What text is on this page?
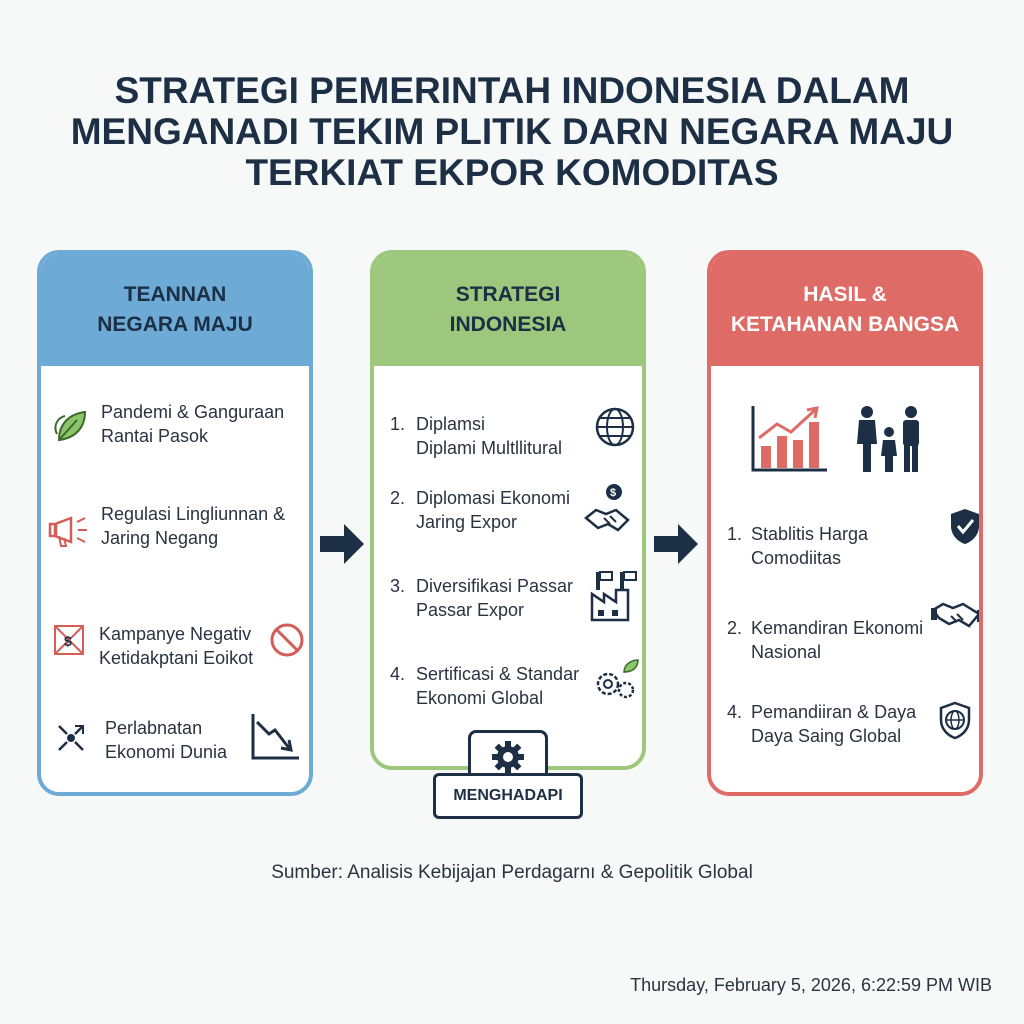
STRATEGI PEMERINTAH INDONESIA DALAM
MENGANADI TEKIM PLITIK DARN NEGARA MAJU
TERKIAT EKPOR KOMODITAS
TEANNAN
NEGARA MAJU
Pandemi & Ganguraan
Rantai Pasok
Regulasi Lingliunnan &
Jaring Negang
$ Kampanye Negativ
Ketidakptani Eoikot
Perlabnatan
Ekonomi Dunia
STRATEGI
INDONESIA
1. Diplamsi
Diplami Multllitural
2. Diplomasi Ekonomi
Jaring Expor
$
3. Diversifikasi Passar
Passar Expor
4. Sertificasi & Standar
Ekonomi Global
MENGHADAPI
HASIL &
KETAHANAN BANGSA
1. Stablitis Harga
Comodiitas
2. Kemandiran Ekonomi
Nasional
4. Pemandiiran & Daya
Daya Saing Global
Sumber: Analisis Kebijajan Perdagarnı & Gepolitik Global
Thursday, February 5, 2026, 6:22:59 PM WIB
